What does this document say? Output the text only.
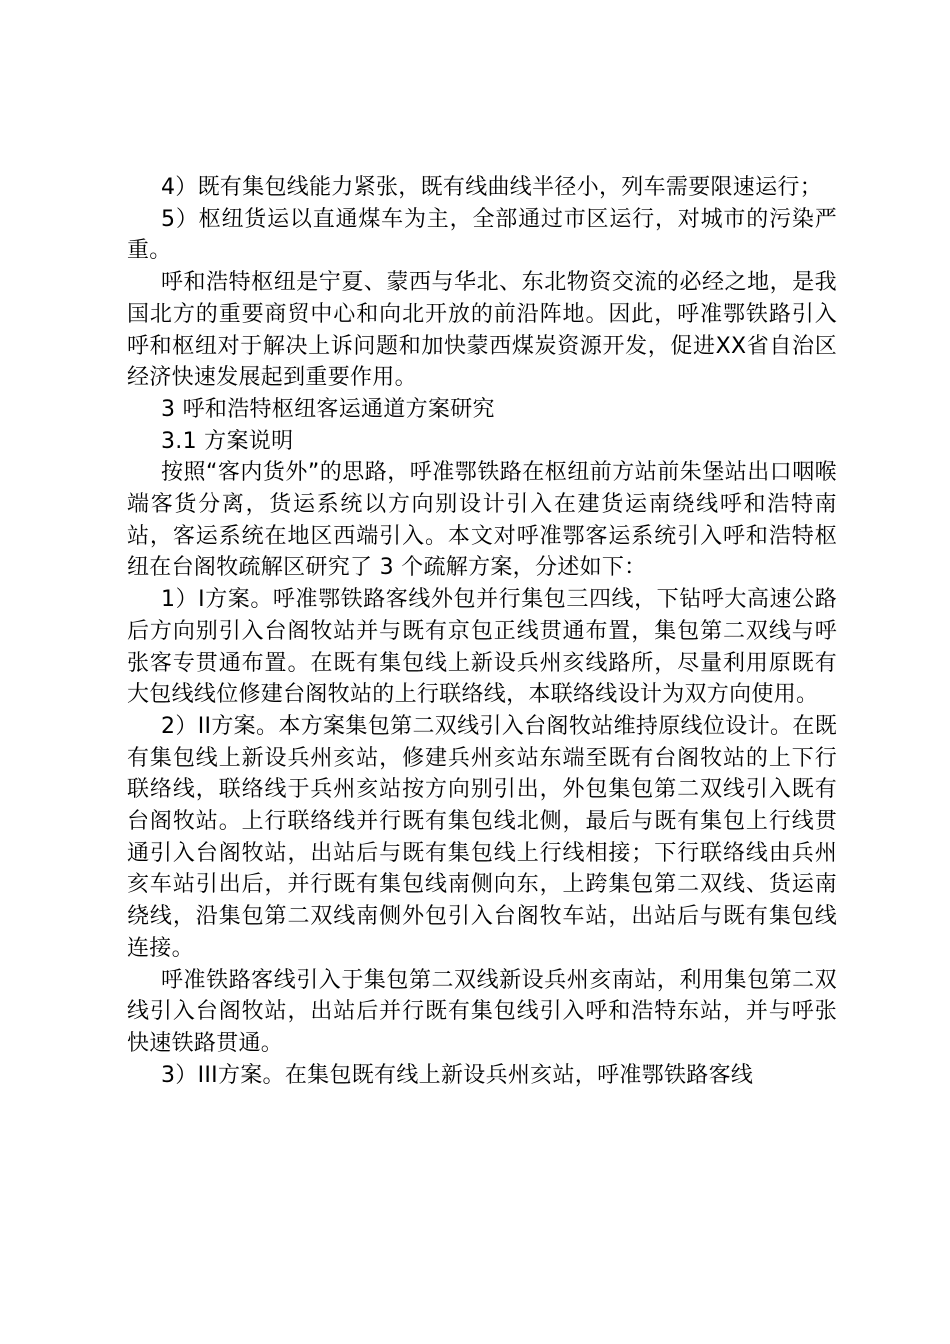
4）既有集包线能力紧张，既有线曲线半径小，列车需要限速运行；

5）枢纽货运以直通煤车为主，全部通过市区运行，对城市的污染严重。

呼和浩特枢纽是宁夏、蒙西与华北、东北物资交流的必经之地，是我国北方的重要商贸中心和向北开放的前沿阵地。因此，呼准鄂铁路引入呼和枢纽对于解决上诉问题和加快蒙西煤炭资源开发，促进XX省自治区经济快速发展起到重要作用。

3 呼和浩特枢纽客运通道方案研究

3.1 方案说明

按照“客内货外”的思路，呼准鄂铁路在枢纽前方站前朱堡站出口咽喉端客货分离，货运系统以方向别设计引入在建货运南绕线呼和浩特南站，客运系统在地区西端引入。本文对呼准鄂客运系统引入呼和浩特枢纽在台阁牧疏解区研究了 3 个疏解方案，分述如下：

1）I方案。呼准鄂铁路客线外包并行集包三四线，下钻呼大高速公路后方向别引入台阁牧站并与既有京包正线贯通布置，集包第二双线与呼张客专贯通布置。在既有集包线上新设兵州亥线路所，尽量利用原既有大包线线位修建台阁牧站的上行联络线，本联络线设计为双方向使用。

2）II方案。本方案集包第二双线引入台阁牧站维持原线位设计。在既有集包线上新设兵州亥站，修建兵州亥站东端至既有台阁牧站的上下行联络线，联络线于兵州亥站按方向别引出，外包集包第二双线引入既有台阁牧站。上行联络线并行既有集包线北侧，最后与既有集包上行线贯通引入台阁牧站，出站后与既有集包线上行线相接；下行联络线由兵州亥车站引出后，并行既有集包线南侧向东，上跨集包第二双线、货运南绕线，沿集包第二双线南侧外包引入台阁牧车站，出站后与既有集包线连接。

呼准铁路客线引入于集包第二双线新设兵州亥南站，利用集包第二双线引入台阁牧站，出站后并行既有集包线引入呼和浩特东站，并与呼张快速铁路贯通。

3）III方案。在集包既有线上新设兵州亥站，呼准鄂铁路客线
